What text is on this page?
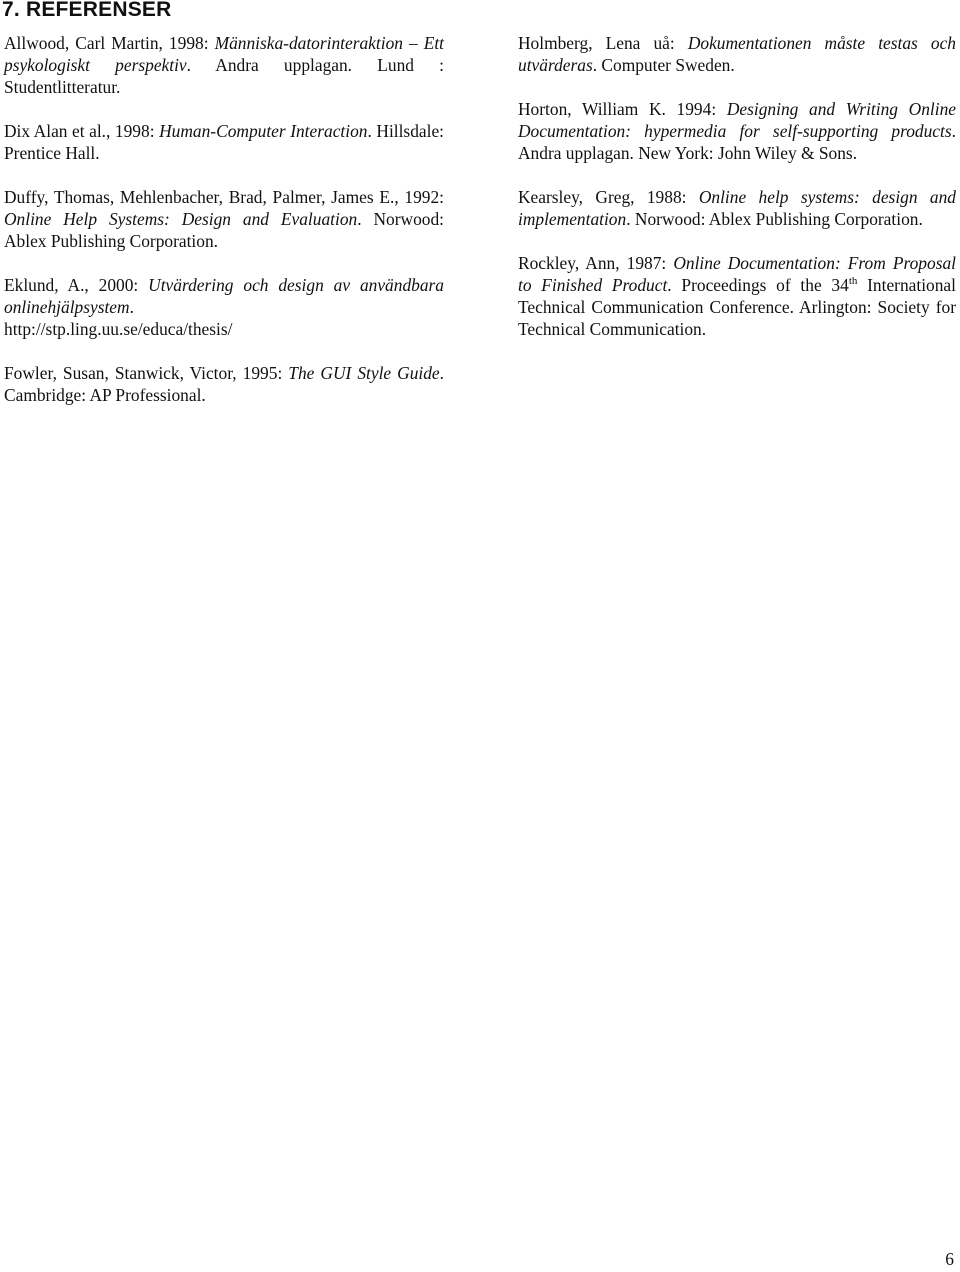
7. REFERENSER

Allwood, Carl Martin, 1998: Människa-datorinteraktion – Ett psykologiskt perspektiv. Andra upplagan. Lund : Studentlitteratur.

Dix Alan et al., 1998: Human-Computer Interaction. Hillsdale: Prentice Hall.

Duffy, Thomas, Mehlenbacher, Brad, Palmer, James E., 1992: Online Help Systems: Design and Evaluation. Norwood: Ablex Publishing Corporation.

Eklund, A., 2000: Utvärdering och design av användbara onlinehjälpsystem.
http://stp.ling.uu.se/educa/thesis/

Fowler, Susan, Stanwick, Victor, 1995: The GUI Style Guide. Cambridge: AP Professional.

Holmberg, Lena uå: Dokumentationen måste testas och utvärderas. Computer Sweden.

Horton, William K. 1994: Designing and Writing Online Documentation: hypermedia for self-supporting products. Andra upplagan. New York: John Wiley & Sons.

Kearsley, Greg, 1988: Online help systems: design and implementation. Norwood: Ablex Publishing Corporation.

Rockley, Ann, 1987: Online Documentation: From Proposal to Finished Product. Proceedings of the 34th International Technical Communication Conference. Arlington: Society for Technical Communication.

6
